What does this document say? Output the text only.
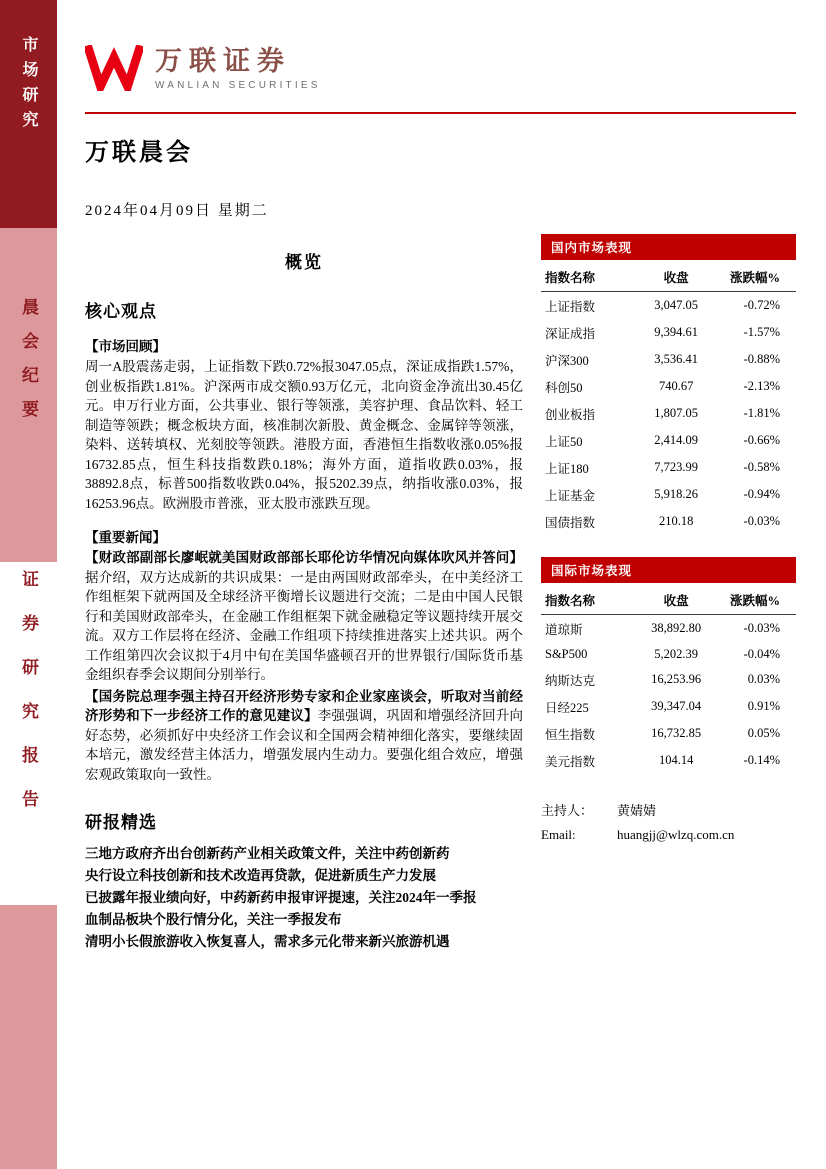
市场研究
晨会纪要
证券研究报告
万联证券
WANLIAN SECURITIES
万联晨会
2024年04月09日 星期二
概览
核心观点
【市场回顾】

周一A股震荡走弱，上证指数下跌0.72%报3047.05点，深证成指跌1.57%，创业板指跌1.81%。沪深两市成交额0.93万亿元，北向资金净流出30.45亿元。申万行业方面，公共事业、银行等领涨，美容护理、食品饮料、轻工制造等领跌；概念板块方面，核准制次新股、黄金概念、金属锌等领涨，染料、送转填权、光刻胶等领跌。港股方面，香港恒生指数收涨0.05%报16732.85点，恒生科技指数跌0.18%；海外方面，道指收跌0.03%，报38892.8点，标普500指数收跌0.04%，报5202.39点，纳指收涨0.03%，报16253.96点。欧洲股市普涨，亚太股市涨跌互现。

【重要新闻】

【财政部副部长廖岷就美国财政部部长耶伦访华情况向媒体吹风并答问】据介绍，双方达成新的共识成果：一是由两国财政部牵头，在中美经济工作组框架下就两国及全球经济平衡增长议题进行交流；二是由中国人民银行和美国财政部牵头，在金融工作组框架下就金融稳定等议题持续开展交流。双方工作层将在经济、金融工作组项下持续推进落实上述共识。两个工作组第四次会议拟于4月中旬在美国华盛顿召开的世界银行/国际货币基金组织春季会议期间分别举行。

【国务院总理李强主持召开经济形势专家和企业家座谈会，听取对当前经济形势和下一步经济工作的意见建议】李强强调，巩固和增强经济回升向好态势，必须抓好中央经济工作会议和全国两会精神细化落实，要继续固本培元，激发经营主体活力，增强发展内生动力。要强化组合效应，增强宏观政策取向一致性。

研报精选
三地方政府齐出台创新药产业相关政策文件，关注中药创新药
央行设立科技创新和技术改造再贷款，促进新质生产力发展
已披露年报业绩向好，中药新药申报审评提速，关注2024年一季报
血制品板块个股行情分化，关注一季报发布
清明小长假旅游收入恢复喜人，需求多元化带来新兴旅游机遇
国内市场表现
指数名称	收盘	涨跌幅%
上证指数	3,047.05	-0.72%
深证成指	9,394.61	-1.57%
沪深300	3,536.41	-0.88%
科创50	740.67	-2.13%
创业板指	1,807.05	-1.81%
上证50	2,414.09	-0.66%
上证180	7,723.99	-0.58%
上证基金	5,918.26	-0.94%
国债指数	210.18	-0.03%
国际市场表现
指数名称	收盘	涨跌幅%
道琼斯	38,892.80	-0.03%
S&P500	5,202.39	-0.04%
纳斯达克	16,253.96	0.03%
日经225	39,347.04	0.91%
恒生指数	16,732.85	0.05%
美元指数	104.14	-0.14%
主持人：	黄婧婧
Email:	huangjj@wlzq.com.cn
